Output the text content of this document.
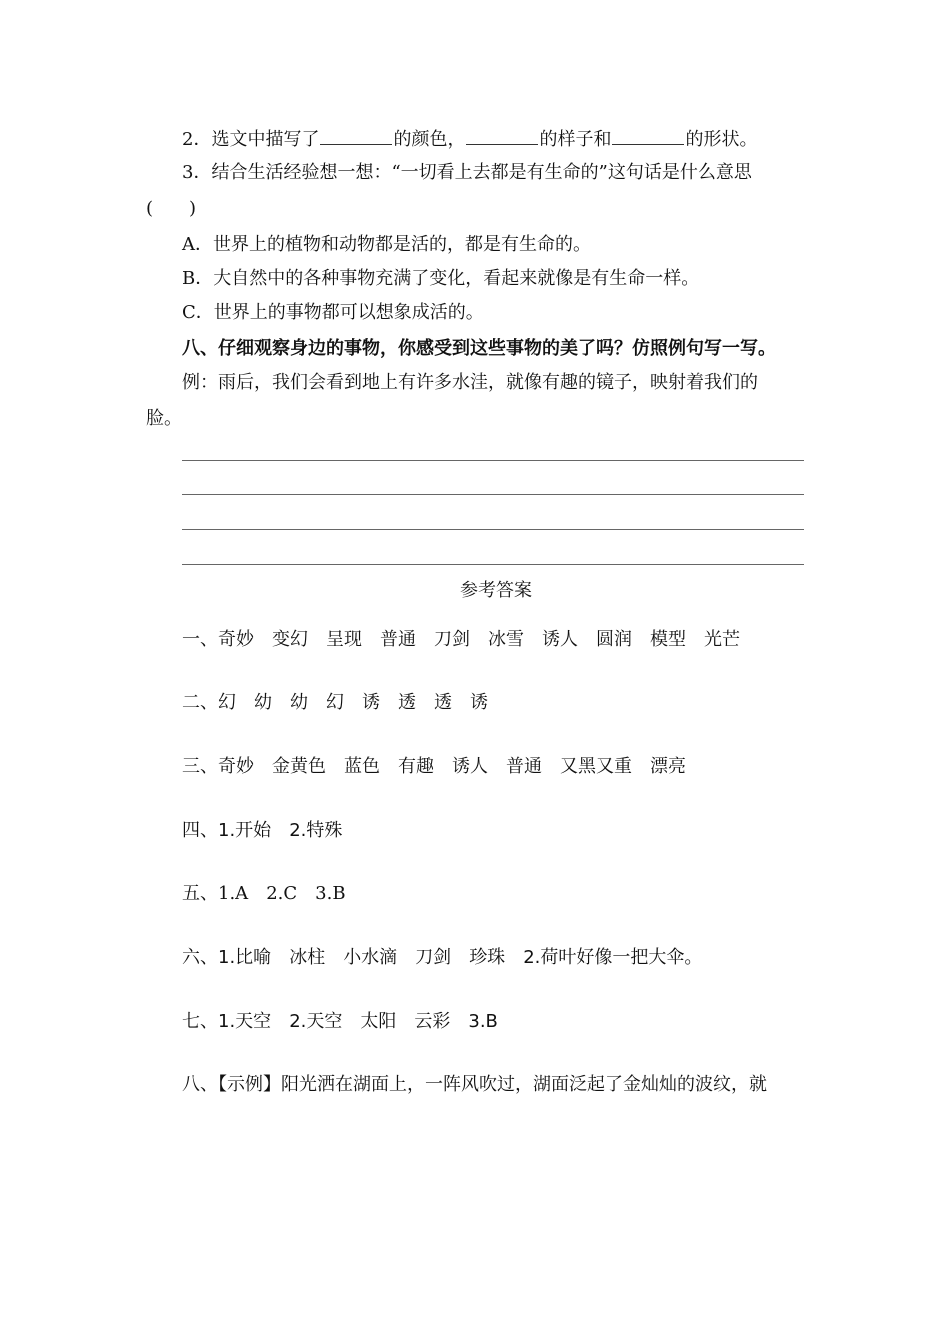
2．选文中描写了	的颜色，	的样子和	的形状。
3．结合生活经验想一想：“一切看上去都是有生命的”这句话是什么意思
(　　)
A．世界上的植物和动物都是活的，都是有生命的。
B．大自然中的各种事物充满了变化，看起来就像是有生命一样。
C．世界上的事物都可以想象成活的。
八、仔细观察身边的事物，你感受到这些事物的美了吗？仿照例句写一写。
例：雨后，我们会看到地上有许多水洼，就像有趣的镜子，映射着我们的
脸。
参考答案
一、奇妙 变幻 呈现 普通 刀剑 冰雪 诱人 圆润 模型 光芒
二、幻 幼 幼 幻 诱 透 透 诱
三、奇妙 金黄色 蓝色 有趣 诱人 普通 又黑又重 漂亮
四、1.开始 2.特殊
五、1.A 2.C 3.B
六、1.比喻 冰柱 小水滴 刀剑 珍珠 2.荷叶好像一把大伞。
七、1.天空 2.天空 太阳 云彩 3.B
八、【示例】阳光洒在湖面上，一阵风吹过，湖面泛起了金灿灿的波纹，就
